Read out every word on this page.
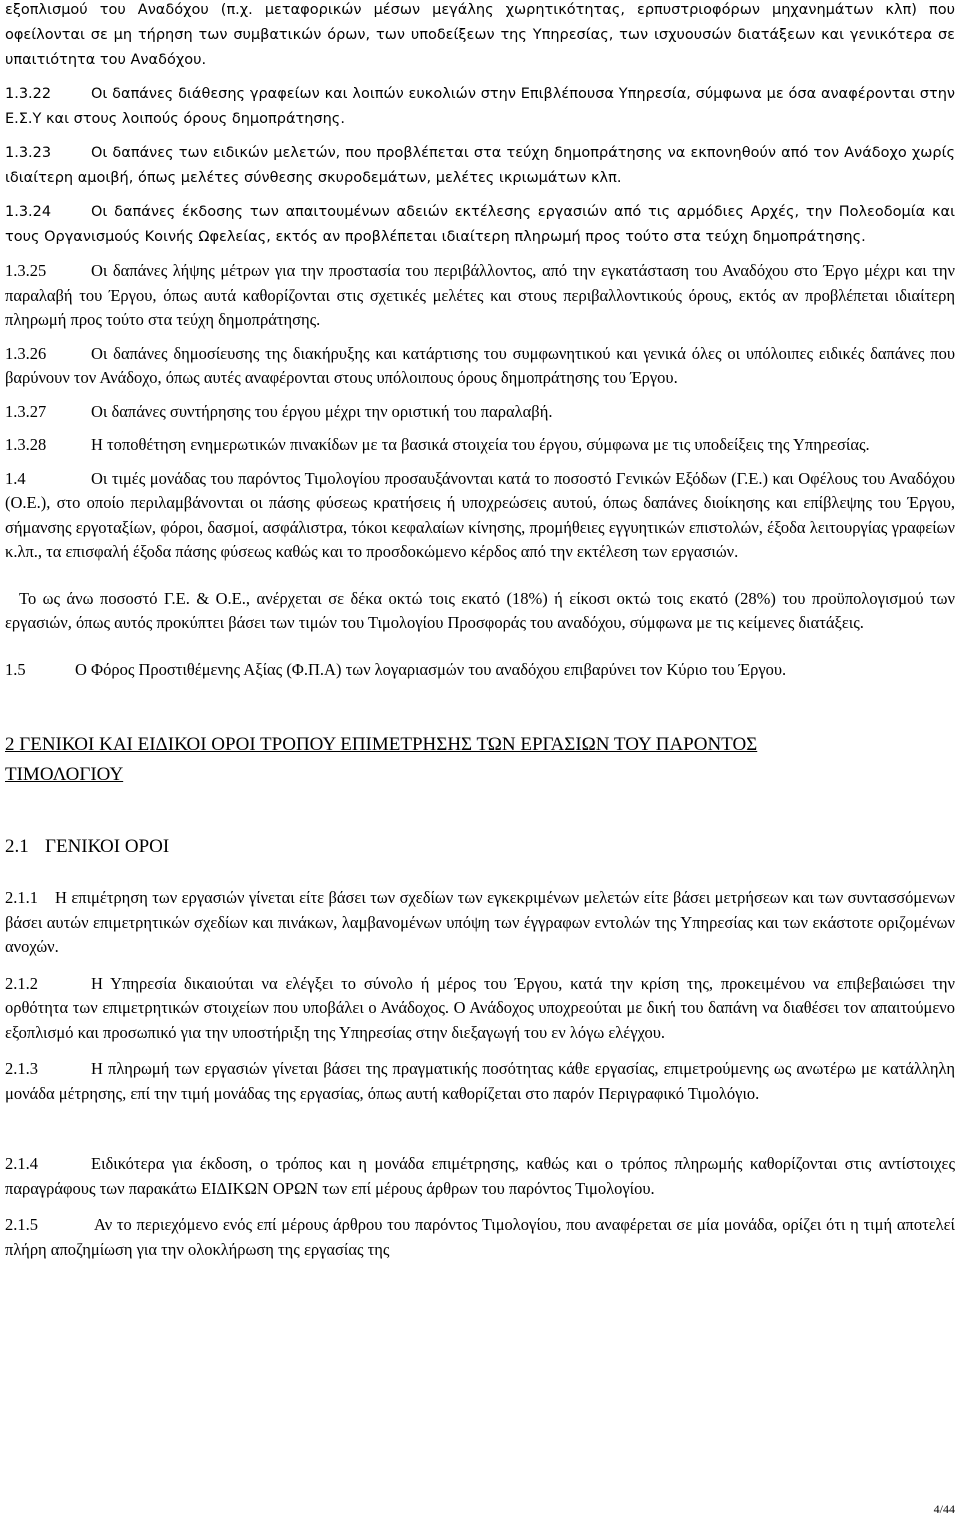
εξοπλισμού του Αναδόχου (π.χ. μεταφορικών μέσων μεγάλης χωρητικότητας, ερπυστριοφόρων μηχανημάτων κλπ) που οφείλονται σε μη τήρηση των συμβατικών όρων, των υποδείξεων της Υπηρεσίας, των ισχυουσών διατάξεων και γενικότερα σε υπαιτιότητα του Αναδόχου.

1.3.22	Οι δαπάνες διάθεσης γραφείων και λοιπών ευκολιών στην Επιβλέπουσα Υπηρεσία, σύμφωνα με όσα αναφέρονται στην Ε.Σ.Υ και στους λοιπούς όρους δημοπράτησης.

1.3.23	Οι δαπάνες των ειδικών μελετών, που προβλέπεται στα τεύχη δημοπράτησης να εκπονηθούν από τον Ανάδοχο χωρίς ιδιαίτερη αμοιβή, όπως μελέτες σύνθεσης σκυροδεμάτων, μελέτες ικριωμάτων κλπ.

1.3.24	Οι δαπάνες έκδοσης των απαιτουμένων αδειών εκτέλεσης εργασιών από τις αρμόδιες Αρχές, την Πολεοδομία και τους Οργανισμούς Κοινής Ωφελείας, εκτός αν προβλέπεται ιδιαίτερη πληρωμή προς τούτο στα τεύχη δημοπράτησης.

1.3.25	Οι δαπάνες λήψης μέτρων για την προστασία του περιβάλλοντος, από την εγκατάσταση του Αναδόχου στο Έργο μέχρι και την παραλαβή του Έργου, όπως αυτά καθορίζονται στις σχετικές μελέτες και στους περιβαλλοντικούς όρους, εκτός αν προβλέπεται ιδιαίτερη πληρωμή προς τούτο στα τεύχη δημοπράτησης.

1.3.26	Οι δαπάνες δημοσίευσης της διακήρυξης και κατάρτισης του συμφωνητικού και γενικά όλες οι υπόλοιπες ειδικές δαπάνες που βαρύνουν τον Ανάδοχο, όπως αυτές αναφέρονται στους υπόλοιπους όρους δημοπράτησης του Έργου.

1.3.27	Οι δαπάνες συντήρησης του έργου μέχρι την οριστική του παραλαβή.

1.3.28	Η τοποθέτηση ενημερωτικών πινακίδων με τα βασικά στοιχεία του έργου, σύμφωνα με τις υποδείξεις της Υπηρεσίας.

1.4	Οι τιμές μονάδας του παρόντος Τιμολογίου προσαυξάνονται κατά το ποσοστό Γενικών Εξόδων (Γ.Ε.) και Οφέλους του Αναδόχου (Ο.Ε.), στο οποίο περιλαμβάνονται οι πάσης φύσεως κρατήσεις ή υποχρεώσεις αυτού, όπως δαπάνες διοίκησης και επίβλεψης του Έργου, σήμανσης εργοταξίων, φόροι, δασμοί, ασφάλιστρα, τόκοι κεφαλαίων κίνησης, προμήθειες εγγυητικών επιστολών, έξοδα λειτουργίας γραφείων κ.λπ., τα επισφαλή έξοδα πάσης φύσεως καθώς και το προσδοκώμενο κέρδος από την εκτέλεση των εργασιών.

Το ως άνω ποσοστό Γ.Ε. & Ο.Ε., ανέρχεται σε δέκα οκτώ τοις εκατό (18%) ή είκοσι οκτώ τοις εκατό (28%) του προϋπολογισμού των εργασιών, όπως αυτός προκύπτει βάσει των τιμών του Τιμολογίου Προσφοράς του αναδόχου, σύμφωνα με τις κείμενες διατάξεις.

1.5	Ο Φόρος Προστιθέμενης Αξίας (Φ.Π.Α) των λογαριασμών του αναδόχου επιβαρύνει τον Κύριο του Έργου.

2 ΓΕΝΙΚΟΙ ΚΑΙ ΕΙΔΙΚΟΙ ΟΡΟΙ ΤΡΟΠΟΥ ΕΠΙΜΕΤΡΗΣΗΣ ΤΩΝ ΕΡΓΑΣΙΩΝ ΤΟΥ ΠΑΡΟΝΤΟΣ ΤΙΜΟΛΟΓΙΟΥ

2.1 ΓΕΝΙΚΟΙ ΟΡΟΙ

2.1.1 Η επιμέτρηση των εργασιών γίνεται είτε βάσει των σχεδίων των εγκεκριμένων μελετών είτε βάσει μετρήσεων και των συντασσόμενων βάσει αυτών επιμετρητικών σχεδίων και πινάκων, λαμβανομένων υπόψη των έγγραφων εντολών της Υπηρεσίας και των εκάστοτε οριζομένων ανοχών.

2.1.2	Η Υπηρεσία δικαιούται να ελέγξει το σύνολο ή μέρος του Έργου, κατά την κρίση της, προκειμένου να επιβεβαιώσει την ορθότητα των επιμετρητικών στοιχείων που υποβάλει ο Ανάδοχος. Ο Ανάδοχος υποχρεούται με δική του δαπάνη να διαθέσει τον απαιτούμενο εξοπλισμό και προσωπικό για την υποστήριξη της Υπηρεσίας στην διεξαγωγή του εν λόγω ελέγχου.

2.1.3	Η πληρωμή των εργασιών γίνεται βάσει της πραγματικής ποσότητας κάθε εργασίας, επιμετρούμενης ως ανωτέρω με κατάλληλη μονάδα μέτρησης, επί την τιμή μονάδας της εργασίας, όπως αυτή καθορίζεται στο παρόν Περιγραφικό Τιμολόγιο.

2.1.4	Ειδικότερα για έκδοση, ο τρόπος και η μονάδα επιμέτρησης, καθώς και ο τρόπος πληρωμής καθορίζονται στις αντίστοιχες παραγράφους των παρακάτω ΕΙΔΙΚΩΝ ΟΡΩΝ των επί μέρους άρθρων του παρόντος Τιμολογίου.

2.1.5	Αν το περιεχόμενο ενός επί μέρους άρθρου του παρόντος Τιμολογίου, που αναφέρεται σε μία μονάδα, ορίζει ότι η τιμή αποτελεί πλήρη αποζημίωση για την ολοκλήρωση της εργασίας της

4/44
